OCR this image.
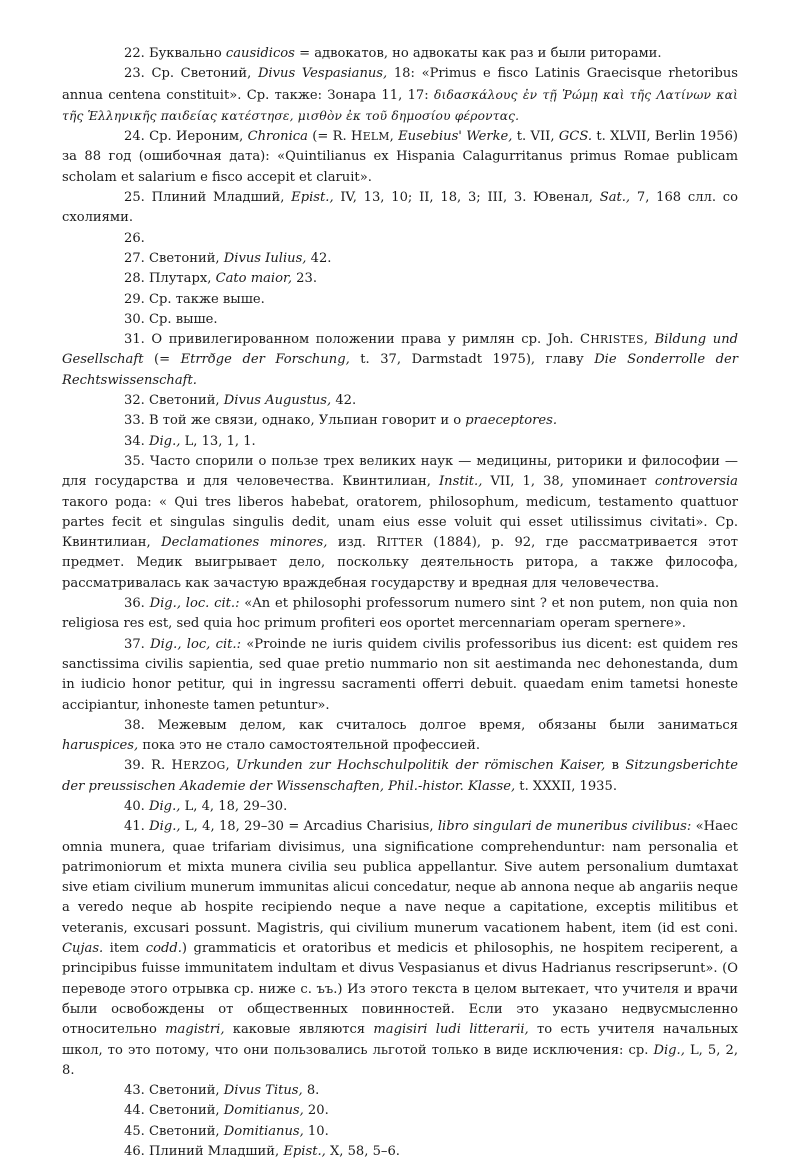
22. Буквально causidicos = адвокатов, но адвокаты как раз и были риторами.

23. Ср. Светоний, Divus Vespasianus, 18: «Primus e fisco Latinis Graecisque rhetoribus annua centena constituit». Ср. также: Зонара 11, 17: διδασκάλους ἐν τῇ Ῥώμῃ καὶ τῆς Λατίνων καὶ τῆς Ἑλληνικῆς παιδείας κατέστησε, μισθὸν ἐκ τοῦ δημοσίου φέροντας.

24. Ср. Иероним, Chronica (= R. HELM, Eusebius' Werke, t. VII, GCS. t. XLVII, Berlin 1956) за 88 год (ошибочная дата): «Quintilianus ex Hispania Calagurritanus primus Romae publicam scholam et salarium e fisco accepit et claruit».

25. Плиний Младший, Epist., IV, 13, 10; II, 18, 3; III, 3. Ювенал, Sat., 7, 168 слл. со схолиями.

26.

27. Светоний, Divus Iulius, 42.

28. Плутарх, Cato maior, 23.

29. Ср. также выше.

30. Ср. выше.

31. О привилегированном положении права у римлян ср. Joh. CHRISTES, Bildung und Gesellschaft (= Etrrðge der Forschung, t. 37, Darmstadt 1975), главу Die Sonderrolle der Rechtswissenschaft.

32. Светоний, Divus Augustus, 42.

33. В той же связи, однако, Ульпиан говорит и о praeceptores.

34. Dig., L, 13, 1, 1.

35. Часто спорили о пользе трех великих наук — медицины, риторики и философии — для государства и для человечества. Квинтилиан, Instit., VII, 1, 38, упоминает controversia такого рода: « Qui tres liberos habebat, oratorem, philosophum, medicum, testamento quattuor partes fecit et singulas singulis dedit, unam eius esse voluit qui esset utilissimus civitati». Ср. Квинтилиан, Declamationes minores, изд. RITTER (1884), p. 92, где рассматривается этот предмет. Медик выигрывает дело, поскольку деятельность ритора, а также философа, рассматривалась как зачастую враждебная государству и вредная для человечества.

36. Dig., loc. cit.: «An et philosophi professorum numero sint ? et non putem, non quia non religiosa res est, sed quia hoc primum profiteri eos oportet mercennariam operam spernere».

37. Dig., loc, cit.: «Proinde ne iuris quidem civilis professoribus ius dicent: est quidem res sanctissima civilis sapientia, sed quae pretio nummario non sit aestimanda nec dehonestanda, dum in iudicio honor petitur, qui in ingressu sacramenti offerri debuit. quaedam enim tametsi honeste accipiantur, inhoneste tamen petuntur».

38. Межевым делом, как считалось долгое время, обязаны были заниматься haruspices, пока это не стало самостоятельной профессией.

39. R. HERZOG, Urkunden zur Hochschulpolitik der römischen Kaiser, в Sitzungsberichte der preussischen Akademie der Wissenschaften, Phil.-histor. Klasse, t. XXXII, 1935.

40. Dig., L, 4, 18, 29–30.

41. Dig., L, 4, 18, 29–30 = Arcadius Charisius, libro singulari de muneribus civilibus: «Haec omnia munera, quae trifariam divisimus, una significatione comprehenduntur: nam personalia et patrimoniorum et mixta munera civilia seu publica appellantur. Sive autem personalium dumtaxat sive etiam civilium munerum immunitas alicui concedatur, neque ab annona neque ab angariis neque a veredo neque ab hospite recipiendo neque a nave neque a capitatione, exceptis militibus et veteranis, excusari possunt. Magistris, qui civilium munerum vacationem habent, item (id est coni. Cujas. item codd.) grammaticis et oratoribus et medicis et philosophis, ne hospitem reciperent, a principibus fuisse immunitatem indultam et divus Vespasianus et divus Hadrianus rescripserunt». (О переводе этого отрывка ср. ниже с. ъъ.) Из этого текста в целом вытекает, что учителя и врачи были освобождены от общественных повинностей. Если это указано недвусмысленно относительно magistri, каковые являются magisiri ludi litterarii, то есть учителя начальных школ, то это потому, что они пользовались льготой только в виде исключения: ср. Dig., L, 5, 2, 8.

43. Светоний, Divus Titus, 8.

44. Светоний, Domitianus, 20.

45. Светоний, Domitianus, 10.

46. Плиний Младший, Epist., X, 58, 5–6.
